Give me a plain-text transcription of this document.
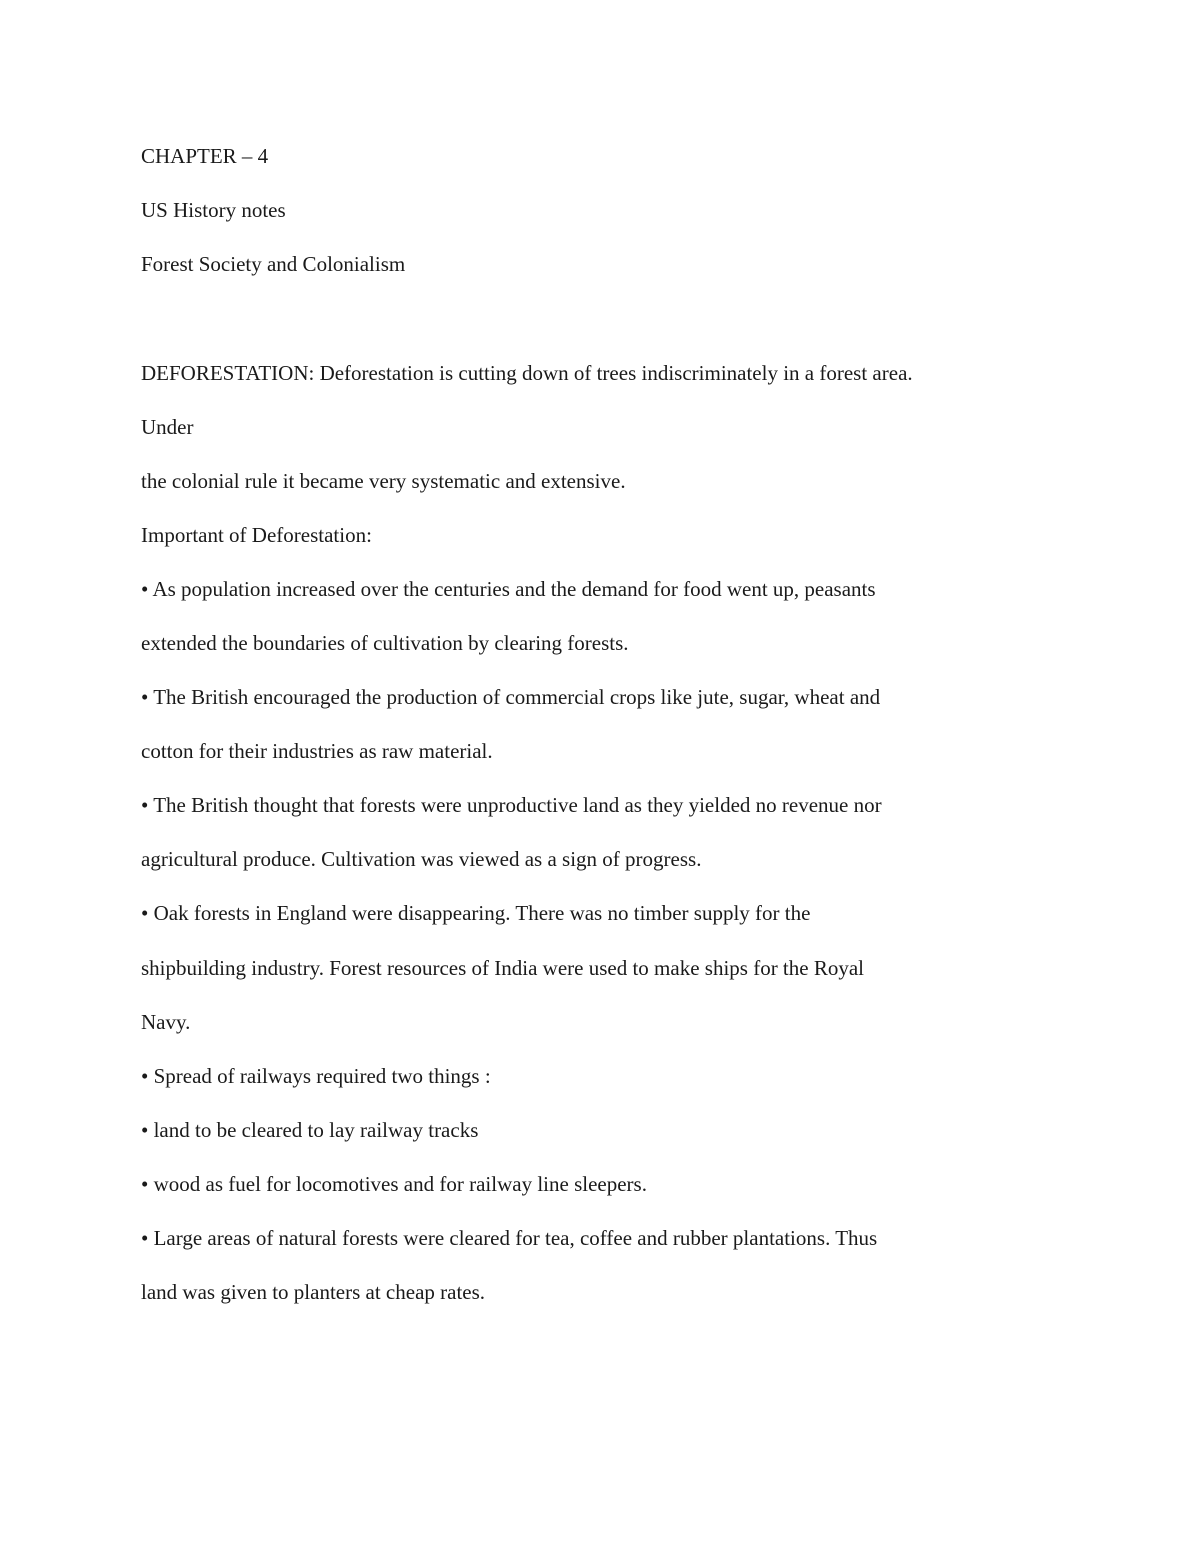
CHAPTER – 4

US History notes

Forest Society and Colonialism

DEFORESTATION: Deforestation is cutting down of trees indiscriminately in a forest area.

Under

the colonial rule it became very systematic and extensive.

Important of Deforestation:

• As population increased over the centuries and the demand for food went up, peasants

extended the boundaries of cultivation by clearing forests.

• The British encouraged the production of commercial crops like jute, sugar, wheat and

cotton for their industries as raw material.

• The British thought that forests were unproductive land as they yielded no revenue nor

agricultural produce. Cultivation was viewed as a sign of progress.

• Oak forests in England were disappearing. There was no timber supply for the

shipbuilding industry. Forest resources of India were used to make ships for the Royal

Navy.

• Spread of railways required two things :

• land to be cleared to lay railway tracks

• wood as fuel for locomotives and for railway line sleepers.

• Large areas of natural forests were cleared for tea, coffee and rubber plantations. Thus

land was given to planters at cheap rates.
